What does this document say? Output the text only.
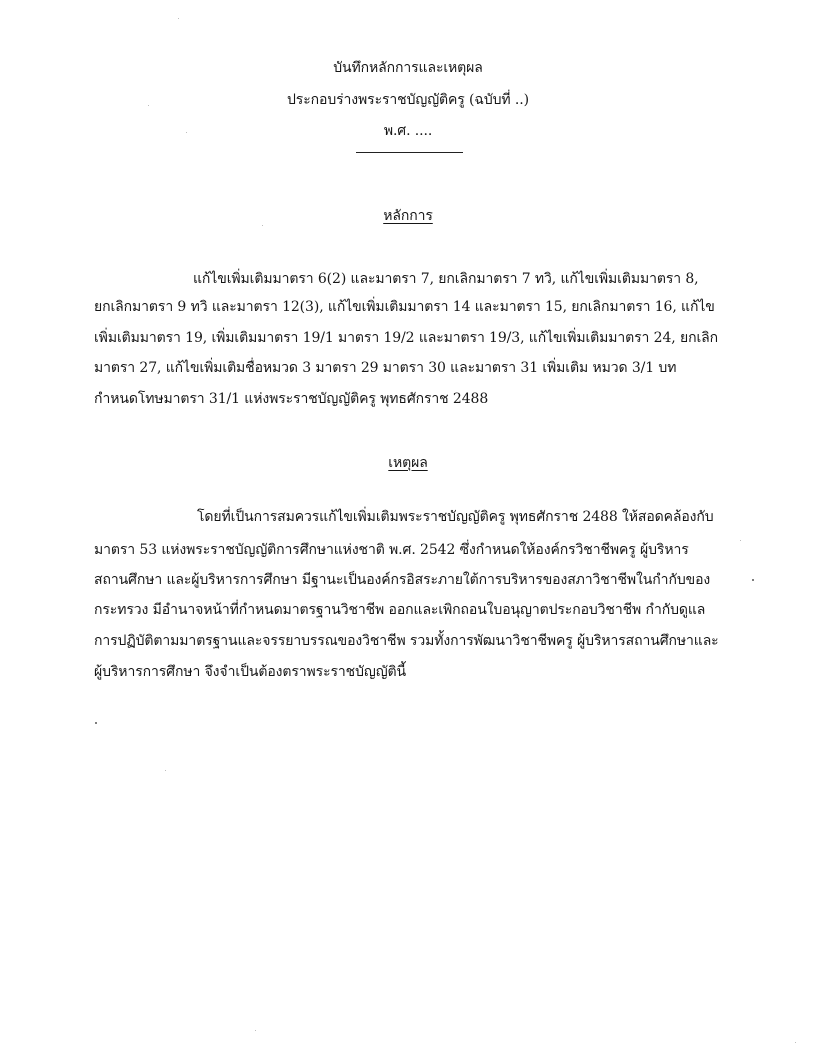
บันทึกหลักการและเหตุผล
ประกอบร่างพระราชบัญญัติครู (ฉบับที่ ..)
พ.ศ. ....
หลักการ
แก้ไขเพิ่มเติมมาตรา 6(2) และมาตรา 7, ยกเลิกมาตรา 7 ทวิ, แก้ไขเพิ่มเติมมาตรา 8,
ยกเลิกมาตรา 9 ทวิ และมาตรา 12(3), แก้ไขเพิ่มเติมมาตรา 14 และมาตรา 15, ยกเลิกมาตรา 16, แก้ไข
เพิ่มเติมมาตรา 19, เพิ่มเติมมาตรา 19/1 มาตรา 19/2 และมาตรา 19/3, แก้ไขเพิ่มเติมมาตรา 24, ยกเลิก
มาตรา 27, แก้ไขเพิ่มเติมชื่อหมวด 3 มาตรา 29 มาตรา 30 และมาตรา 31 เพิ่มเติม หมวด 3/1 บท
กำหนดโทษมาตรา 31/1 แห่งพระราชบัญญัติครู พุทธศักราช 2488
เหตุผล
โดยที่เป็นการสมควรแก้ไขเพิ่มเติมพระราชบัญญัติครู พุทธศักราช 2488 ให้สอดคล้องกับ
มาตรา 53 แห่งพระราชบัญญัติการศึกษาแห่งชาติ พ.ศ. 2542 ซึ่งกำหนดให้องค์กรวิชาชีพครู ผู้บริหาร
สถานศึกษา และผู้บริหารการศึกษา มีฐานะเป็นองค์กรอิสระภายใต้การบริหารของสภาวิชาชีพในกำกับของ
กระทรวง มีอำนาจหน้าที่กำหนดมาตรฐานวิชาชีพ ออกและเพิกถอนใบอนุญาตประกอบวิชาชีพ กำกับดูแล
การปฏิบัติตามมาตรฐานและจรรยาบรรณของวิชาชีพ รวมทั้งการพัฒนาวิชาชีพครู ผู้บริหารสถานศึกษาและ
ผู้บริหารการศึกษา จึงจำเป็นต้องตราพระราชบัญญัตินี้
